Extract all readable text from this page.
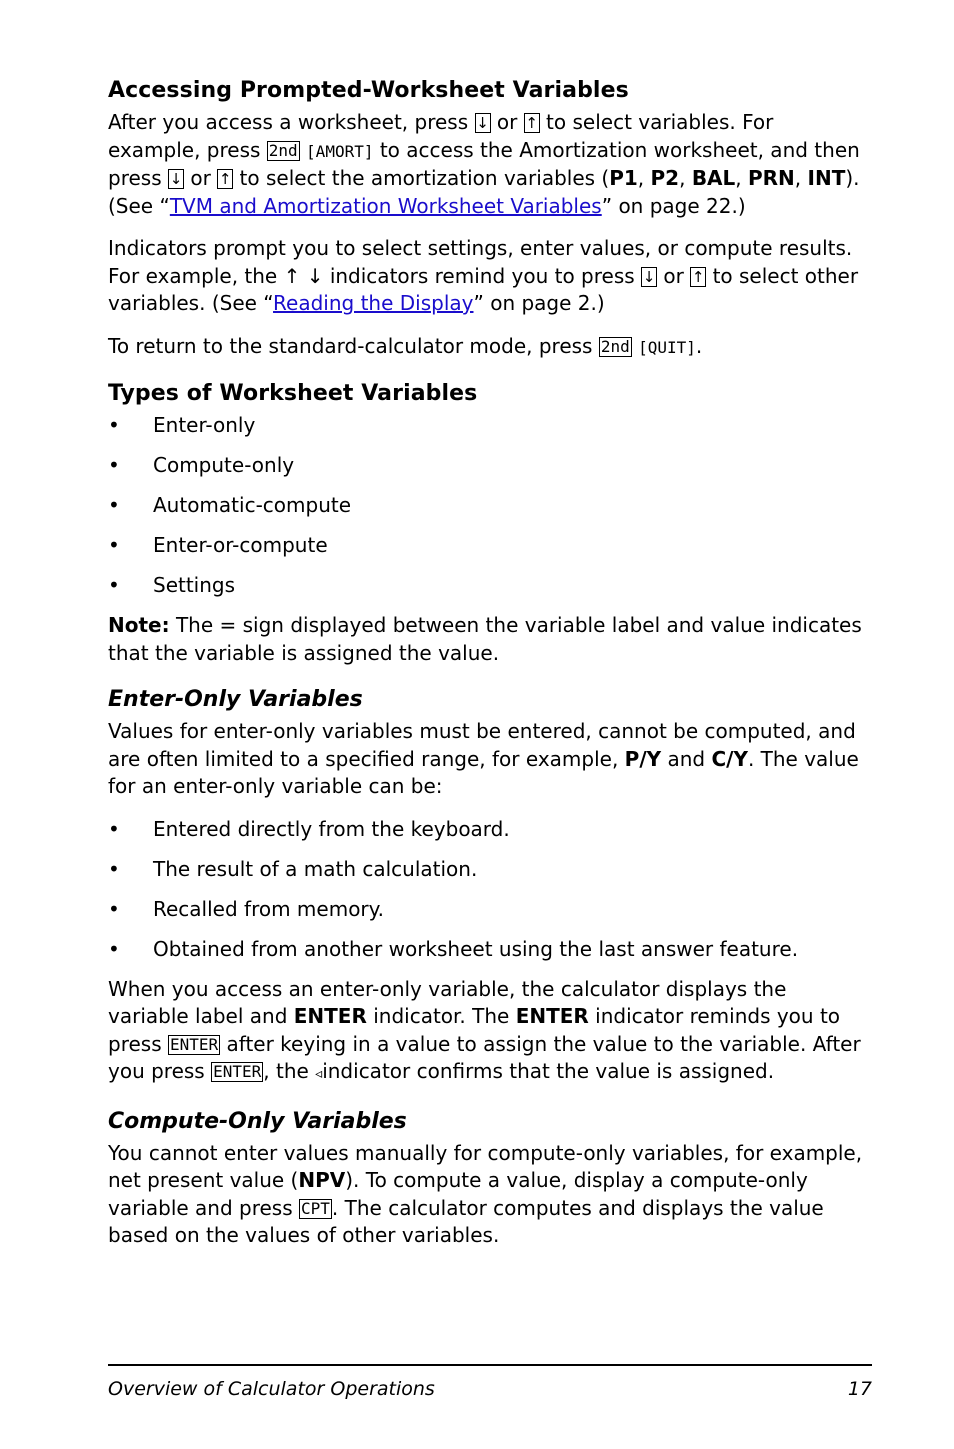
Accessing Prompted-Worksheet Variables

After you access a worksheet, press ↓ or ↑ to select variables. For example, press 2nd [AMORT] to access the Amortization worksheet, and then press ↓ or ↑ to select the amortization variables (P1, P2, BAL, PRN, INT).(See “TVM and Amortization Worksheet Variables” on page 22.)

Indicators prompt you to select settings, enter values, or compute results. For example, the ↑ ↓ indicators remind you to press ↓ or ↑ to select other variables. (See “Reading the Display” on page 2.)

To return to the standard-calculator mode, press 2nd [QUIT].

Types of Worksheet Variables
• Enter-only
• Compute-only
• Automatic-compute
• Enter-or-compute
• Settings

Note: The = sign displayed between the variable label and value indicates that the variable is assigned the value.

Enter-Only Variables

Values for enter-only variables must be entered, cannot be computed, and are often limited to a specified range, for example, P/Y and C/Y. The value for an enter-only variable can be:

• Entered directly from the keyboard.
• The result of a math calculation.
• Recalled from memory.
• Obtained from another worksheet using the last answer feature.

When you access an enter-only variable, the calculator displays the variable label and ENTER indicator. The ENTER indicator reminds you to press ENTER after keying in a value to assign the value to the variable. After you press ENTER , the ◃indicator confirms that the value is assigned.

Compute-Only Variables

You cannot enter values manually for compute-only variables, for example, net present value (NPV). To compute a value, display a compute-only variable and press CPT . The calculator computes and displays the value based on the values of other variables.

Overview of Calculator Operations	17
